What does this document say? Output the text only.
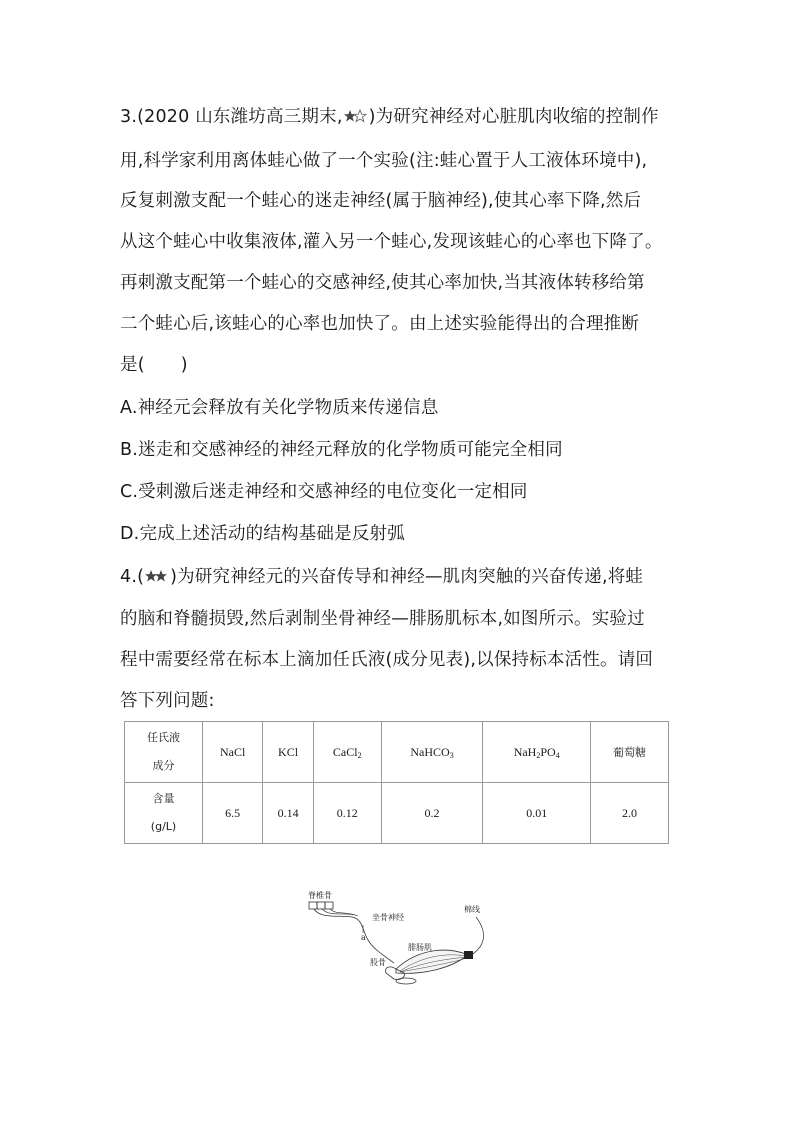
3.(2020 山东潍坊高三期末, )为研究神经对心脏肌肉收缩的控制作
用,科学家利用离体蛙心做了一个实验(注:蛙心置于人工液体环境中),
反复刺激支配一个蛙心的迷走神经(属于脑神经),使其心率下降,然后
从这个蛙心中收集液体,灌入另一个蛙心,发现该蛙心的心率也下降了。
再刺激支配第一个蛙心的交感神经,使其心率加快,当其液体转移给第
二个蛙心后,该蛙心的心率也加快了。由上述实验能得出的合理推断
是( )
A.神经元会释放有关化学物质来传递信息
B.迷走和交感神经的神经元释放的化学物质可能完全相同
C.受刺激后迷走神经和交感神经的电位变化一定相同
D.完成上述活动的结构基础是反射弧
4.( )为研究神经元的兴奋传导和神经—肌肉突触的兴奋传递,将蛙
的脑和脊髓损毁,然后剥制坐骨神经—腓肠肌标本,如图所示。实验过
程中需要经常在标本上滴加任氏液(成分见表),以保持标本活性。请回
答下列问题:
任氏液
成分	NaCl	KCl	CaCl$_2$	NaHCO$_3$	$NaH_2PO_4$	葡萄糖

含量
(g/L)	6.5	0.14	0.12	0.2	0.01	2.0
脊椎骨
坐骨神经
a
棉线
腓肠肌
股骨
